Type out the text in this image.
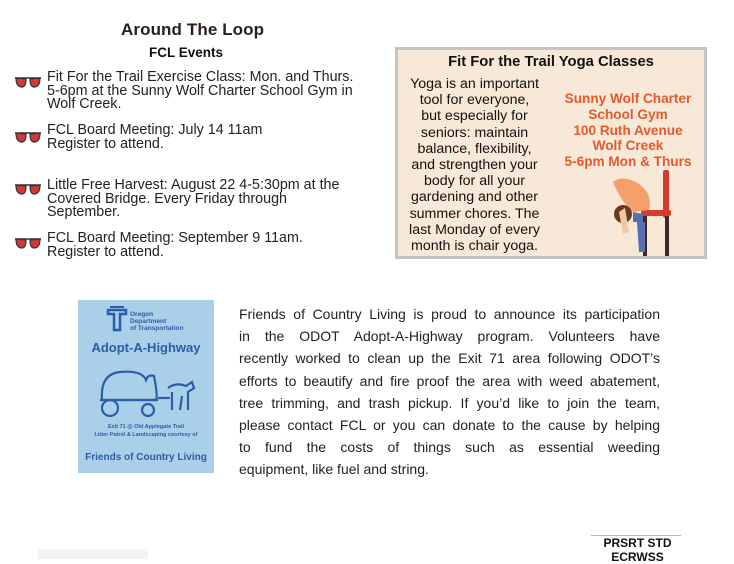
Around The Loop
FCL Events
Fit For the Trail Exercise Class: Mon. and Thurs.
5-6pm at the Sunny Wolf Charter School Gym in
Wolf Creek.
FCL Board Meeting: July 14 11am
Register to attend.
Little Free Harvest: August 22 4-5:30pm at the
Covered Bridge. Every Friday through
September.
FCL Board Meeting: September 9 11am.
Register to attend.
Fit For the Trail Yoga Classes
Yoga is an important
tool for everyone,
but especially for
seniors: maintain
balance, flexibility,
and strengthen your
body for all your
gardening and other
summer chores. The
last Monday of every
month is chair yoga.
Sunny Wolf Charter
School Gym
100 Ruth Avenue
Wolf Creek
5-6pm Mon & Thurs
Oregon
Department
of Transportation
Adopt-A-Highway
Exit 71 @ Old Applegate Trail
Litter Patrol & Landscaping courtesy of
Friends of Country Living
Friends of Country Living is proud to announce its participation
in the ODOT Adopt-A-Highway program. Volunteers have
recently worked to clean up the Exit 71 area following ODOT’s
efforts to beautify and fire proof the area with weed abatement,
tree trimming, and trash pickup. If you’d like to join the team,
please contact FCL or you can donate to the cause by helping
to fund the costs of things such as essential weeding
equipment, like fuel and string.
PRSRT STD
ECRWSS
